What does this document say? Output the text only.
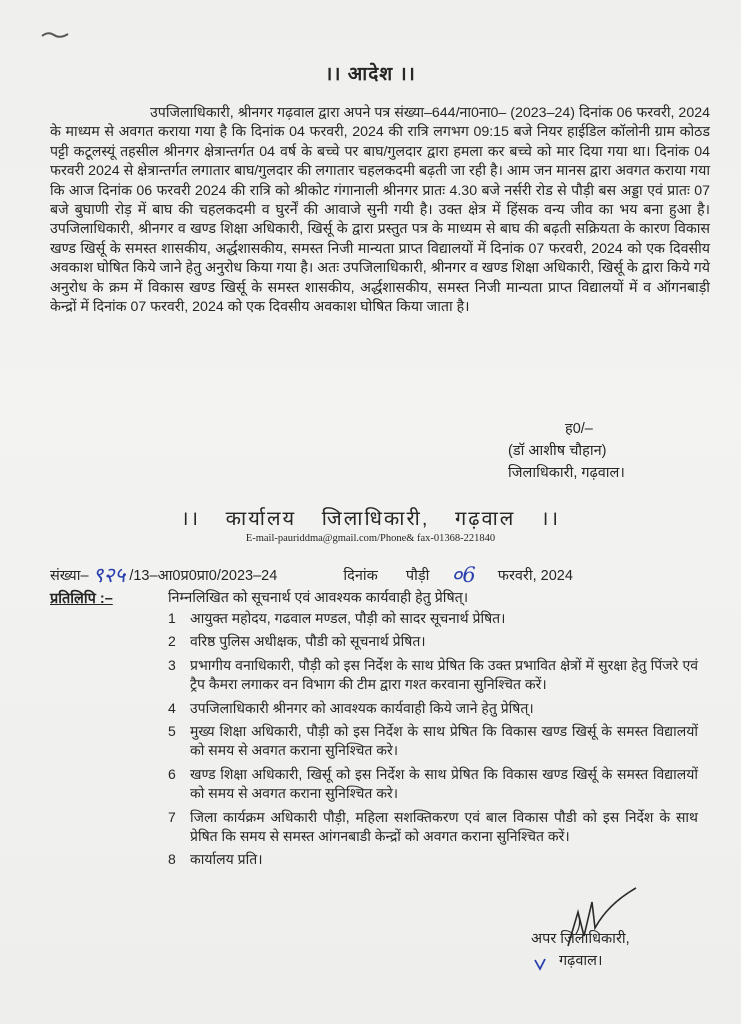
।। आदेश ।।
उपजिलाधिकारी, श्रीनगर गढ़वाल द्वारा अपने पत्र संख्या–644/ना0ना0– (2023–24) दिनांक 06 फरवरी, 2024 के माध्यम से अवगत कराया गया है कि दिनांक 04 फरवरी, 2024 की रात्रि लगभग 09:15 बजे नियर हाईडिल कॉलोनी ग्राम कोठड पट्टी कटूलस्यूं तहसील श्रीनगर क्षेत्रान्तर्गत 04 वर्ष के बच्चे पर बाघ/गुलदार द्वारा हमला कर बच्चे को मार दिया गया था। दिनांक 04 फरवरी 2024 से क्षेत्रान्तर्गत लगातार बाघ/गुलदार की लगातार चहलकदमी बढ़ती जा रही है। आम जन मानस द्वारा अवगत कराया गया कि आज दिनांक 06 फरवरी 2024 की रात्रि को श्रीकोट गंगानाली श्रीनगर प्रातः 4.30 बजे नर्सरी रोड से पौड़ी बस अड्डा एवं प्रातः 07 बजे बुघाणी रोड़ में बाघ की चहलकदमी व घुरर्नें की आवाजे सुनी गयी है। उक्त क्षेत्र में हिंसक वन्य जीव का भय बना हुआ है। उपजिलाधिकारी, श्रीनगर व खण्ड शिक्षा अधिकारी, खिर्सू के द्वारा प्रस्तुत पत्र के माध्यम से बाघ की बढ़ती सक्रियता के कारण विकास खण्ड खिर्सू के समस्त शासकीय, अर्द्धशासकीय, समस्त निजी मान्यता प्राप्त विद्यालयों में दिनांक 07 फरवरी, 2024 को एक दिवसीय अवकाश घोषित किये जाने हेतु अनुरोध किया गया है। अतः उपजिलाधिकारी, श्रीनगर व खण्ड शिक्षा अधिकारी, खिर्सू के द्वारा किये गये अनुरोध के क्रम में विकास खण्ड खिर्सू के समस्त शासकीय, अर्द्धशासकीय, समस्त निजी मान्यता प्राप्त विद्यालयों में व ऑगनबाड़ी केन्द्रों में दिनांक 07 फरवरी, 2024 को एक दिवसीय अवकाश घोषित किया जाता है।
ह0/–
(डॉ आशीष चौहान)
जिलाधिकारी, गढ़वाल।
।। कार्यालय जिलाधिकारी, गढ़वाल ।।
E-mail-pauriddma@gmail.com/Phone& fax-01368-221840
संख्या– ९२५ /13–आ0प्र0प्रा0/2023–24	दिनांक पौड़ी ०6 फरवरी, 2024
प्रतिलिपि :–	निम्नलिखित को सूचनार्थ एवं आवश्यक कार्यवाही हेतु प्रेषित्।
1 आयुक्त महोदय, गढवाल मण्डल, पौड़ी को सादर सूचनार्थ प्रेषित।
2 वरिष्ठ पुलिस अधीक्षक, पौडी को सूचनार्थ प्रेषित।
3 प्रभागीय वनाधिकारी, पौड़ी को इस निर्देश के साथ प्रेषित कि उक्त प्रभावित क्षेत्रों में सुरक्षा हेतु पिंजरे एवं ट्रैप कैमरा लगाकर वन विभाग की टीम द्वारा गश्त करवाना सुनिश्चित करें।
4 उपजिलाधिकारी श्रीनगर को आवश्यक कार्यवाही किये जाने हेतु प्रेषित्।
5 मुख्य शिक्षा अधिकारी, पौड़ी को इस निर्देश के साथ प्रेषित कि विकास खण्ड खिर्सू के समस्त विद्यालयों को समय से अवगत कराना सुनिश्चित करे।
6 खण्ड शिक्षा अधिकारी, खिर्सू को इस निर्देश के साथ प्रेषित कि विकास खण्ड खिर्सू के समस्त विद्यालयों को समय से अवगत कराना सुनिश्चित करे।
7 जिला कार्यक्रम अधिकारी पौड़ी, महिला सशक्तिकरण एवं बाल विकास पौडी को इस निर्देश के साथ प्रेषित कि समय से समस्त आंगनबाडी केन्द्रों को अवगत कराना सुनिश्चित करें।
8 कार्यालय प्रति।
अपर जिलाधिकारी,
गढ़वाल।
